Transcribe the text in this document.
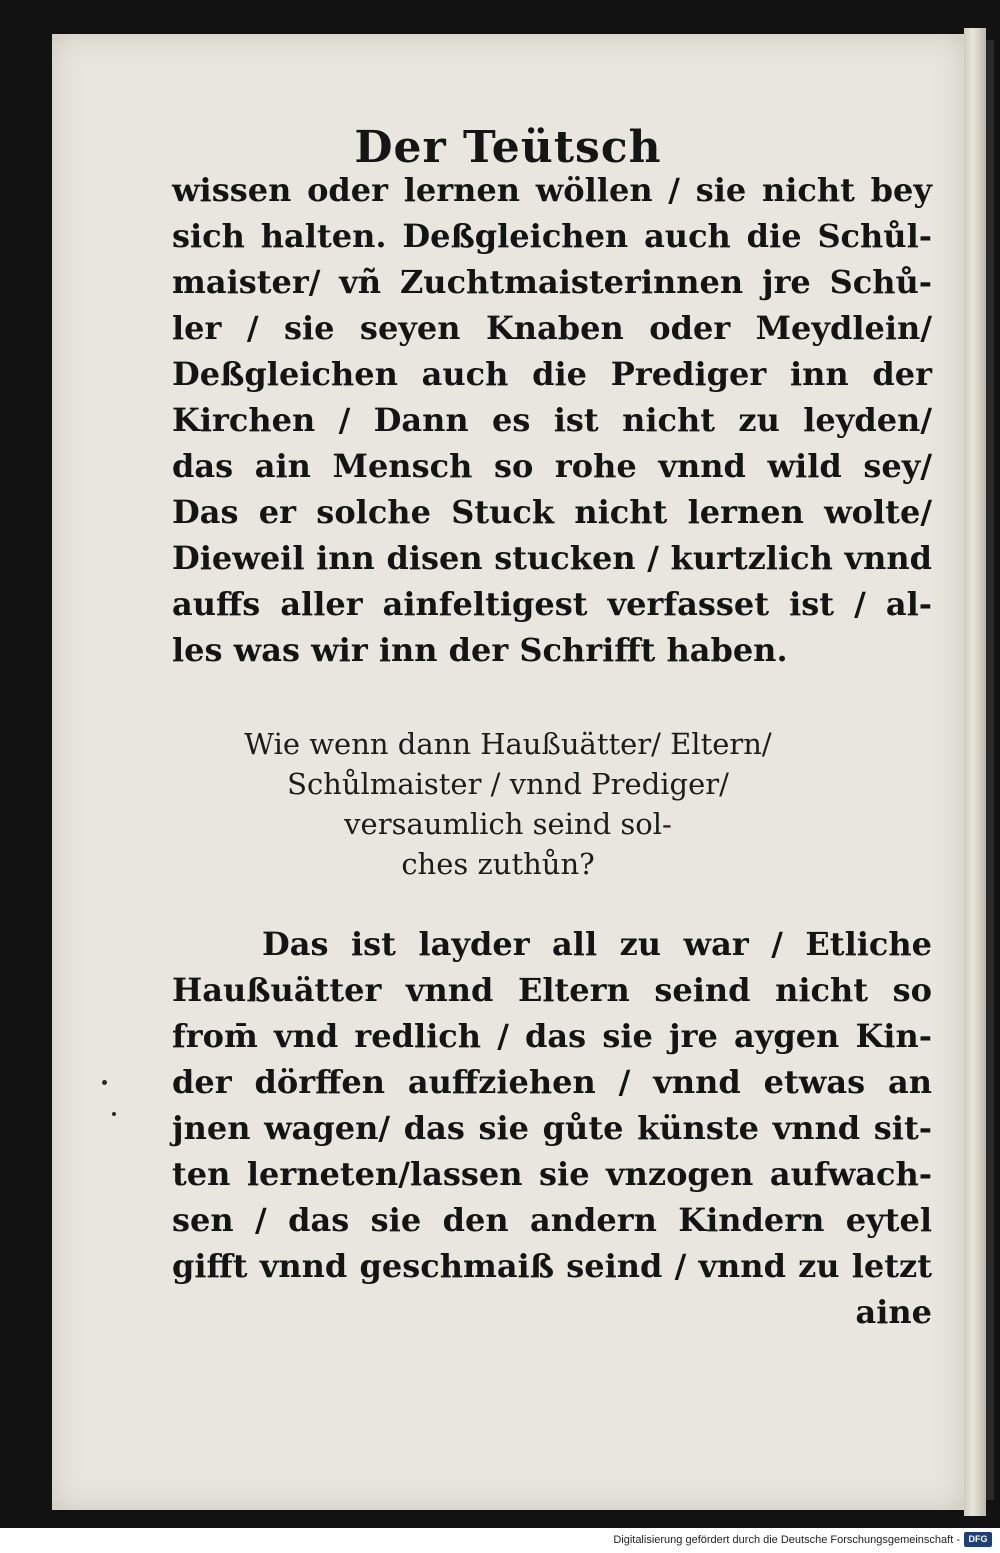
Der Teütsch
wissen oder lernen wöllen / sie nicht bey
sich halten. Deßgleichen auch die Schůl-
maister/ vñ Zuchtmaisterinnen jre Schů-
ler / sie seyen Knaben oder Meydlein/
Deßgleichen auch die Prediger inn der
Kirchen / Dann es ist nicht zu leyden/
das ain Mensch so rohe vnnd wild sey/
Das er solche Stuck nicht lernen wolte/
Dieweil inn disen stucken / kurtzlich vnnd
auffs aller ainfeltigest verfasset ist / al-
les was wir inn der Schrifft haben.
Wie wenn dann Haußuätter/ Eltern/
Schůlmaister / vnnd Prediger/
versaumlich seind sol-
ches zuthůn?
Das ist layder all zu war / Etliche
Haußuätter vnnd Eltern seind nicht so
from̄ vnd redlich / das sie jre aygen Kin-
der dörffen auffziehen / vnnd etwas an
jnen wagen/ das sie gůte künste vnnd sit-
ten lerneten/lassen sie vnzogen aufwach-
sen / das sie den andern Kindern eytel
gifft vnnd geschmaiß seind / vnnd zu letzt
aine
Digitalisierung gefördert durch die Deutsche Forschungsgemeinschaft - DFG
